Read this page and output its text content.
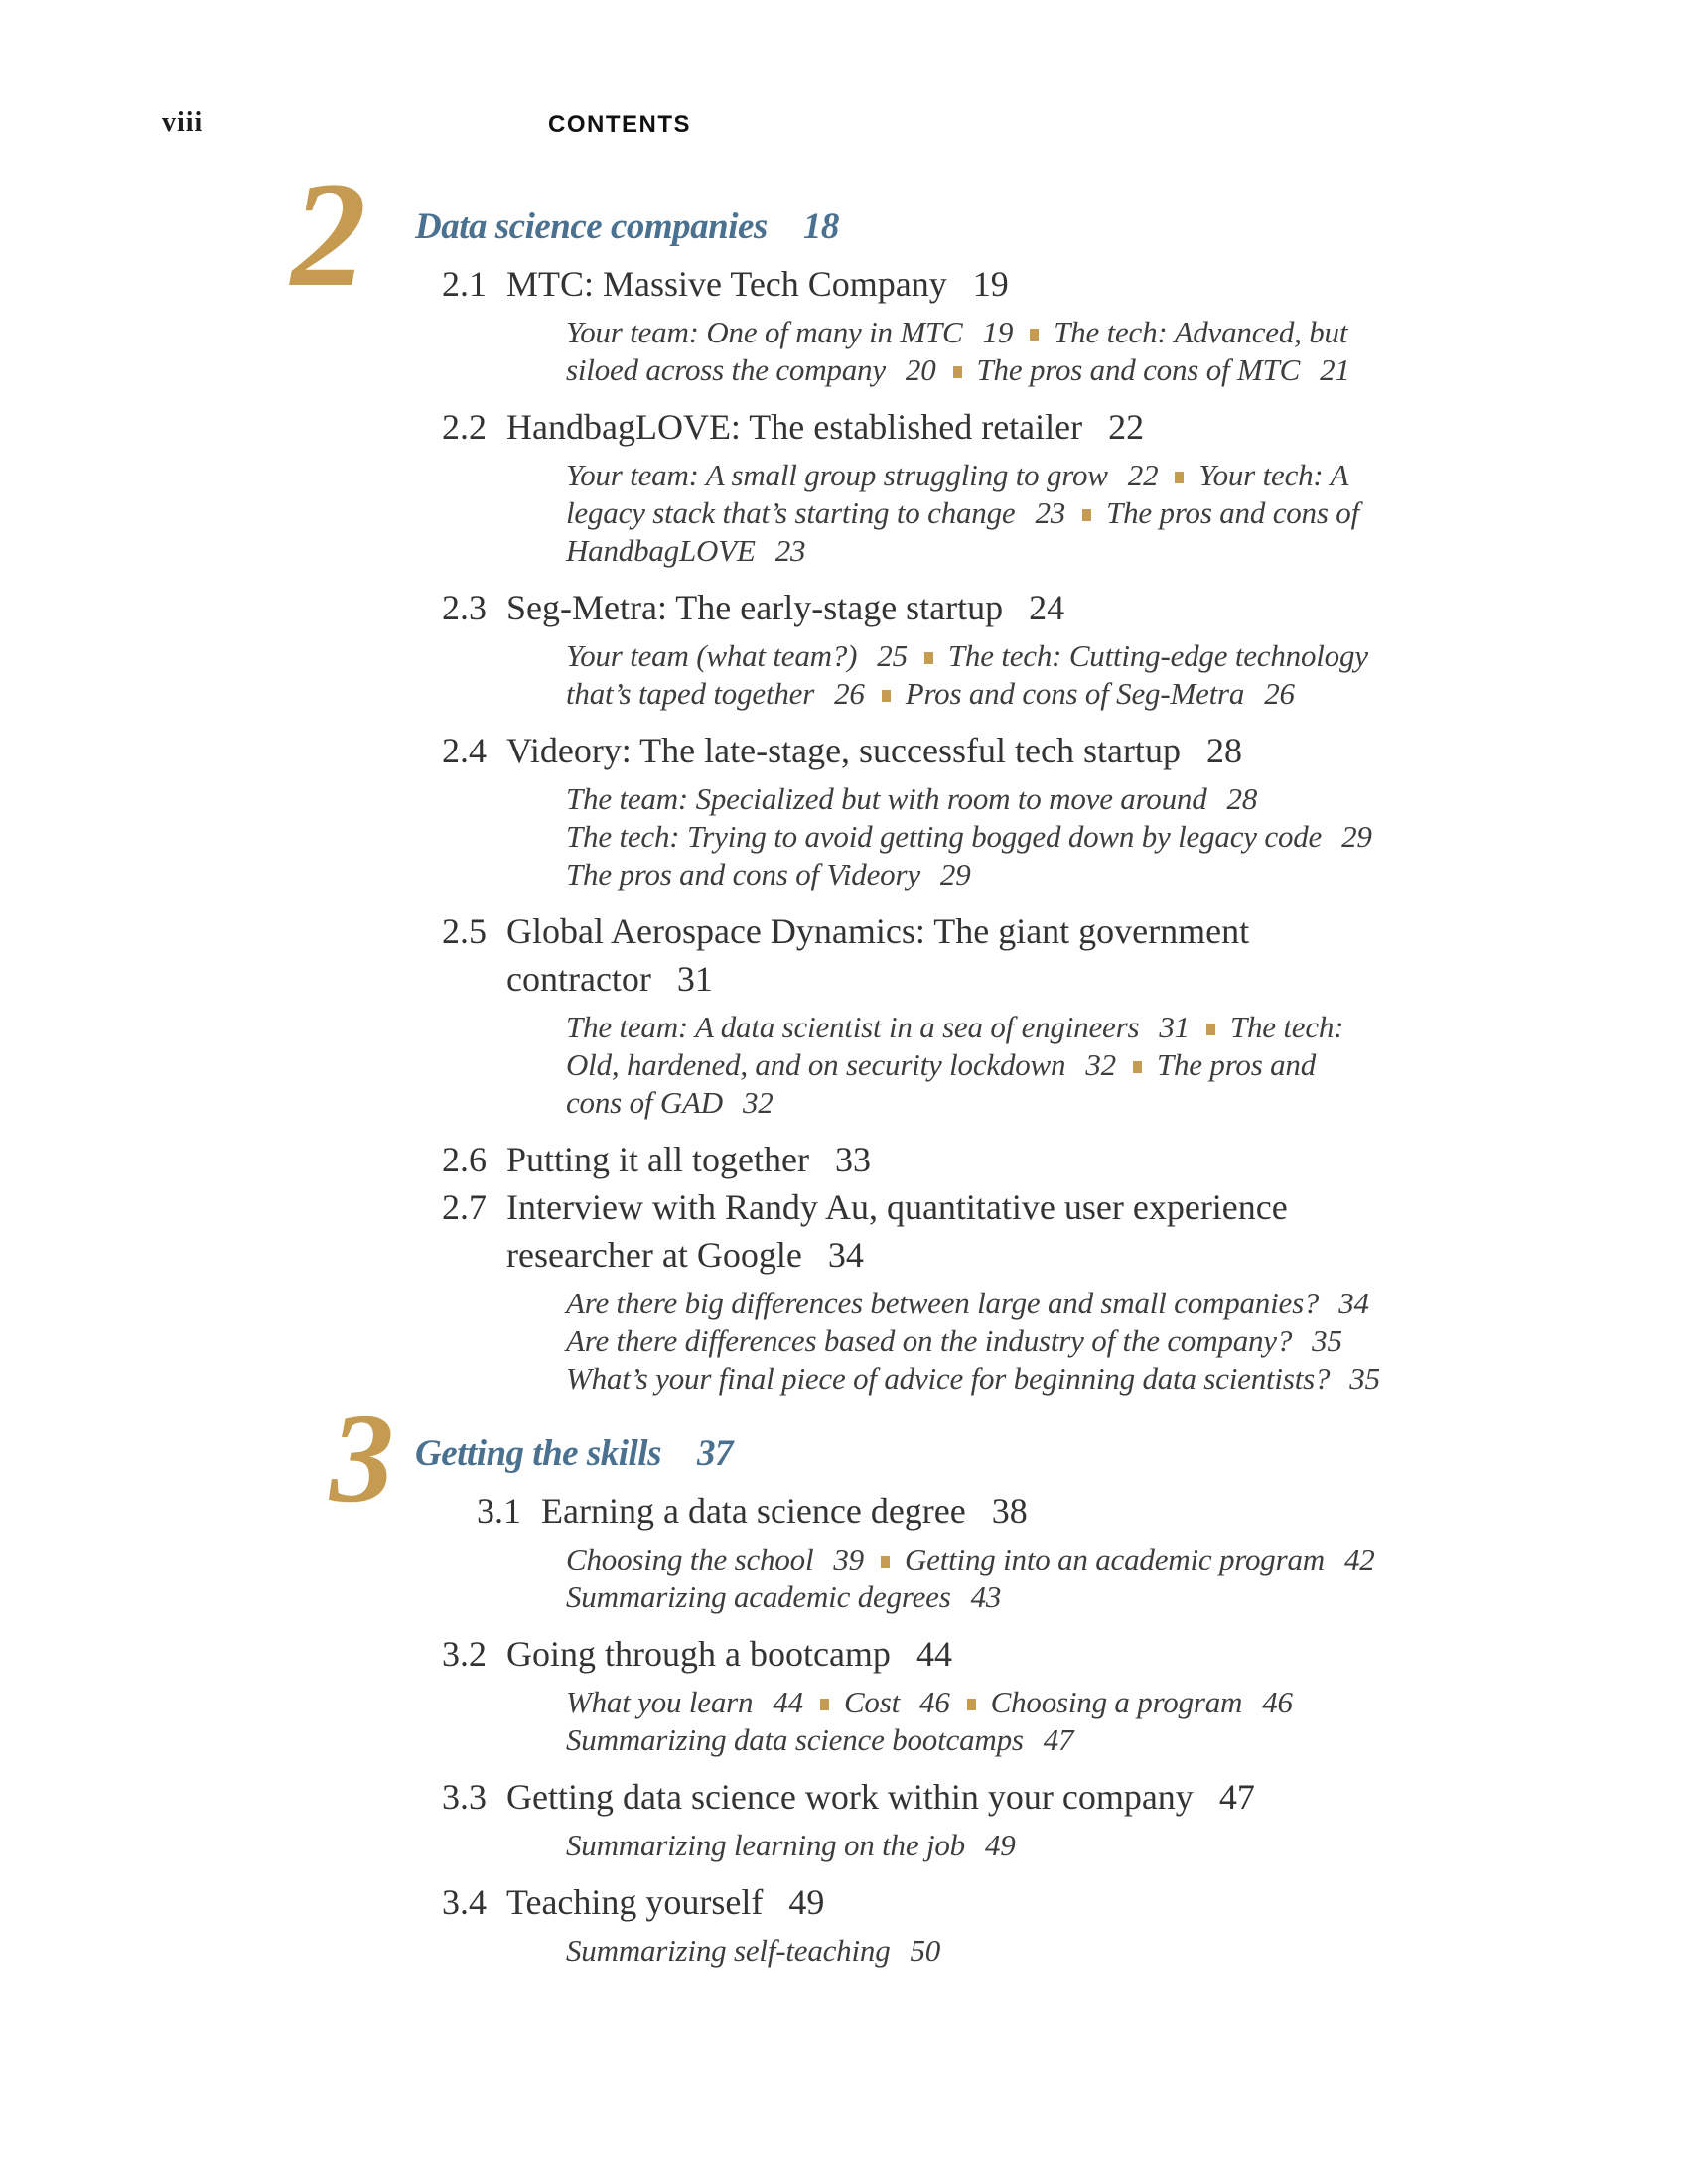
viii	CONTENTS
2 Data science companies 18
2.1 MTC: Massive Tech Company 19
Your team: One of many in MTC 19 The tech: Advanced, but
siloed across the company 20 The pros and cons of MTC 21
2.2 HandbagLOVE: The established retailer 22
Your team: A small group struggling to grow 22 Your tech: A
legacy stack that’s starting to change 23 The pros and cons of
HandbagLOVE 23
2.3 Seg-Metra: The early-stage startup 24
Your team (what team?) 25 The tech: Cutting-edge technology
that’s taped together 26 Pros and cons of Seg-Metra 26
2.4 Videory: The late-stage, successful tech startup 28
The team: Specialized but with room to move around 28
The tech: Trying to avoid getting bogged down by legacy code 29
The pros and cons of Videory 29
2.5 Global Aerospace Dynamics: The giant government
contractor 31
The team: A data scientist in a sea of engineers 31 The tech:
Old, hardened, and on security lockdown 32 The pros and
cons of GAD 32
2.6 Putting it all together 33
2.7 Interview with Randy Au, quantitative user experience
researcher at Google 34
Are there big differences between large and small companies? 34
Are there differences based on the industry of the company? 35
What’s your final piece of advice for beginning data scientists? 35
3 Getting the skills 37
3.1 Earning a data science degree 38
Choosing the school 39 Getting into an academic program 42
Summarizing academic degrees 43
3.2 Going through a bootcamp 44
What you learn 44 Cost 46 Choosing a program 46
Summarizing data science bootcamps 47
3.3 Getting data science work within your company 47
Summarizing learning on the job 49
3.4 Teaching yourself 49
Summarizing self-teaching 50
